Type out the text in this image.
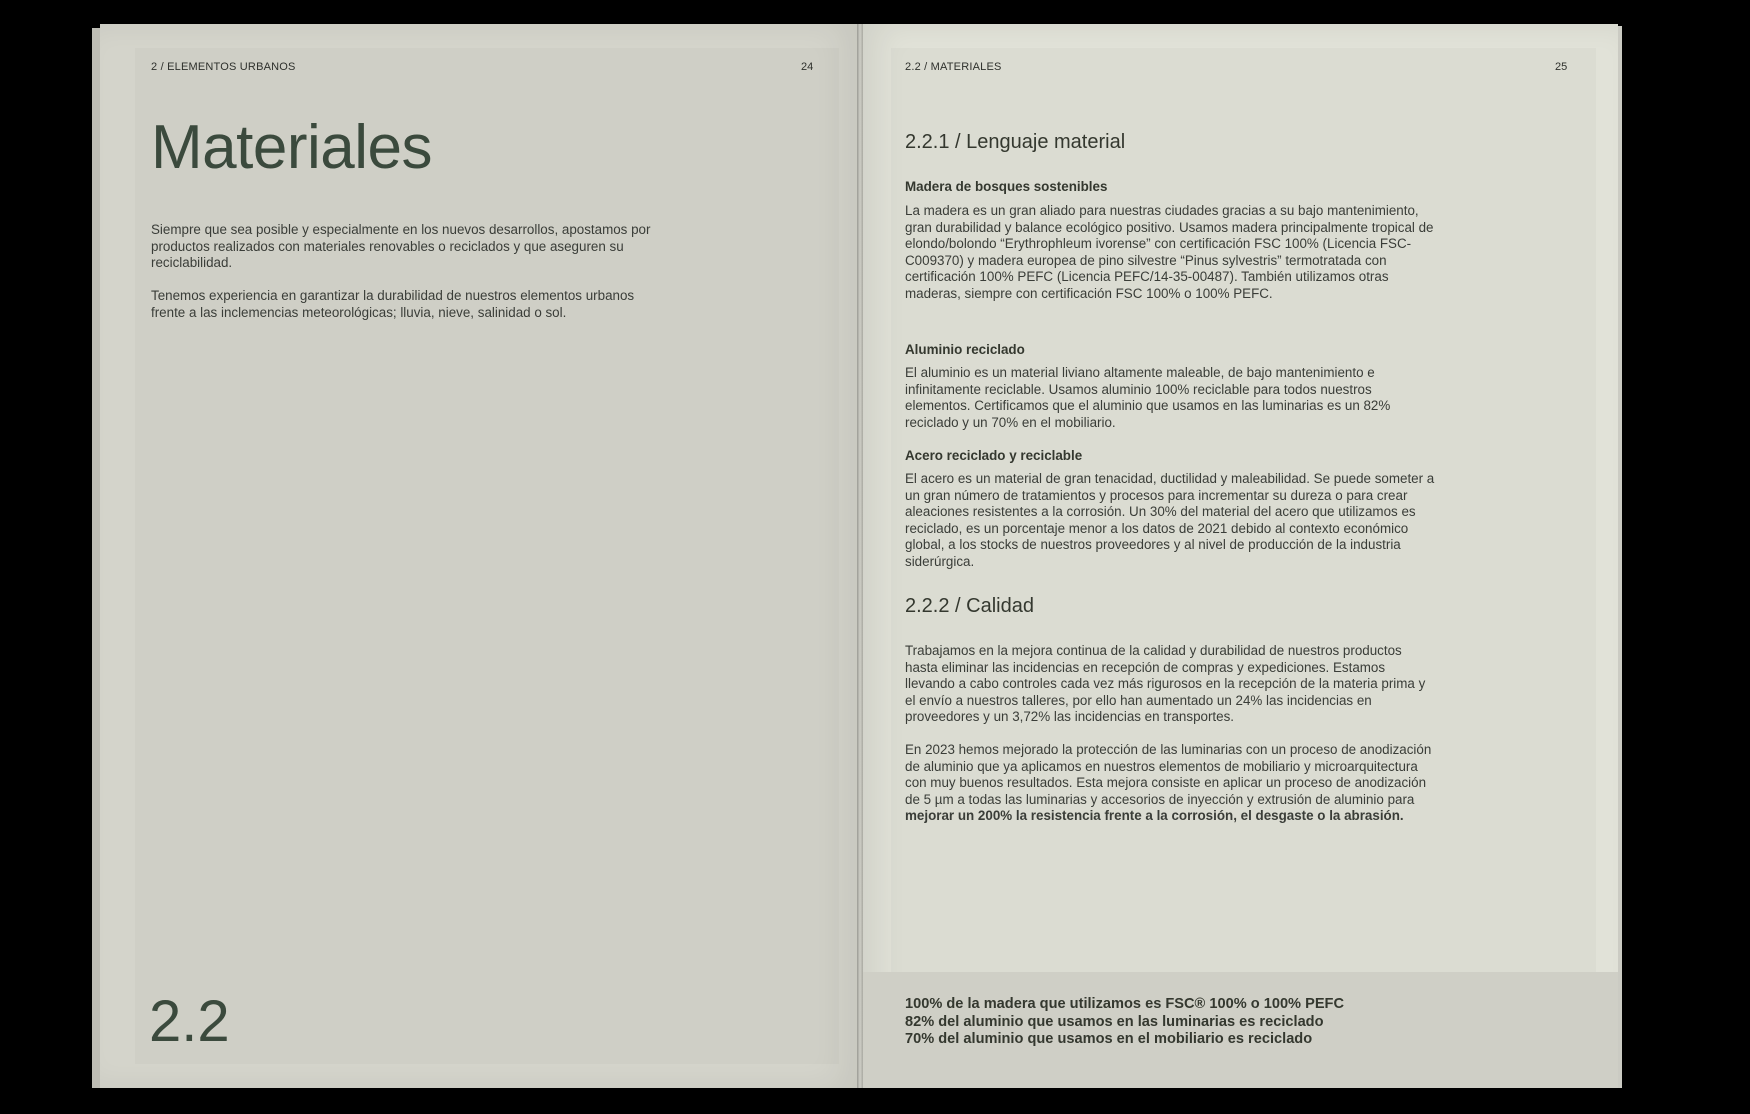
2 / ELEMENTOS URBANOS	24
Materiales

Siempre que sea posible y especialmente en los nuevos desarrollos, apostamos por productos realizados con materiales renovables o reciclados y que aseguren su reciclabilidad.

Tenemos experiencia en garantizar la durabilidad de nuestros elementos urbanos frente a las inclemencias meteorológicas; lluvia, nieve, salinidad o sol.

2.2
2.2 / MATERIALES	25
2.2.1 / Lenguaje material
Madera de bosques sostenibles

La madera es un gran aliado para nuestras ciudades gracias a su bajo mantenimiento, gran durabilidad y balance ecológico positivo. Usamos madera principalmente tropical de elondo/bolondo “Erythrophleum ivorense” con certificación FSC 100% (Licencia FSC-C009370) y madera europea de pino silvestre “Pinus sylvestris” termotratada con certificación 100% PEFC (Licencia PEFC/14-35-00487). También utilizamos otras maderas, siempre con certificación FSC 100% o 100% PEFC.

Aluminio reciclado

El aluminio es un material liviano altamente maleable, de bajo mantenimiento e infinitamente reciclable. Usamos aluminio 100% reciclable para todos nuestros elementos. Certificamos que el aluminio que usamos en las luminarias es un 82% reciclado y un 70% en el mobiliario.

Acero reciclado y reciclable

El acero es un material de gran tenacidad, ductilidad y maleabilidad. Se puede someter a un gran número de tratamientos y procesos para incrementar su dureza o para crear aleaciones resistentes a la corrosión. Un 30% del material del acero que utilizamos es reciclado, es un porcentaje menor a los datos de 2021 debido al contexto económico global, a los stocks de nuestros proveedores y al nivel de producción de la industria siderúrgica.

2.2.2 / Calidad

Trabajamos en la mejora continua de la calidad y durabilidad de nuestros productos hasta eliminar las incidencias en recepción de compras y expediciones. Estamos llevando a cabo controles cada vez más rigurosos en la recepción de la materia prima y el envío a nuestros talleres, por ello han aumentado un 24% las incidencias en proveedores y un 3,72% las incidencias en transportes.

En 2023 hemos mejorado la protección de las luminarias con un proceso de anodización de aluminio que ya aplicamos en nuestros elementos de mobiliario y microarquitectura con muy buenos resultados. Esta mejora consiste en aplicar un proceso de anodización de 5 µm a todas las luminarias y accesorios de inyección y extrusión de aluminio para mejorar un 200% la resistencia frente a la corrosión, el desgaste o la abrasión.

100% de la madera que utilizamos es FSC® 100% o 100% PEFC
82% del aluminio que usamos en las luminarias es reciclado
70% del aluminio que usamos en el mobiliario es reciclado
